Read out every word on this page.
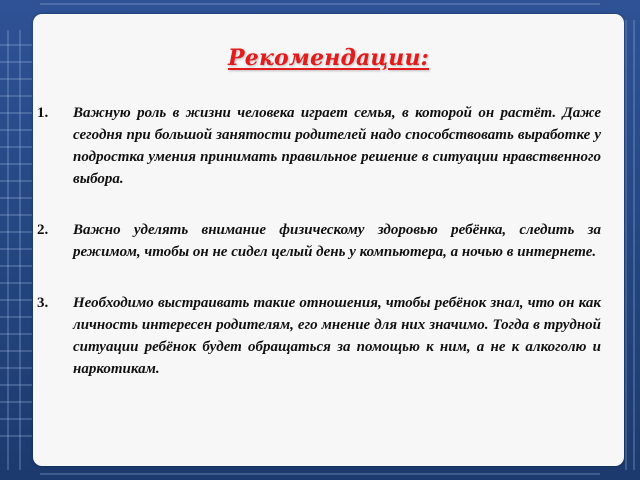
Рекомендации:
1.	Важную роль в жизни человека играет семья, в которой он растёт. Даже сегодня при большой занятости родителей надо способствовать выработке у подростка умения принимать правильное решение в ситуации нравственного выбора.
2.	Важно уделять внимание физическому здоровью ребёнка, следить за режимом, чтобы он не сидел целый день у компьютера, а ночью в интернете.
3.	Необходимо выстраивать такие отношения, чтобы ребёнок знал, что он как личность интересен родителям, его мнение для них значимо. Тогда в трудной ситуации ребёнок будет обращаться за помощью к ним, а не к алкоголю и наркотикам.
